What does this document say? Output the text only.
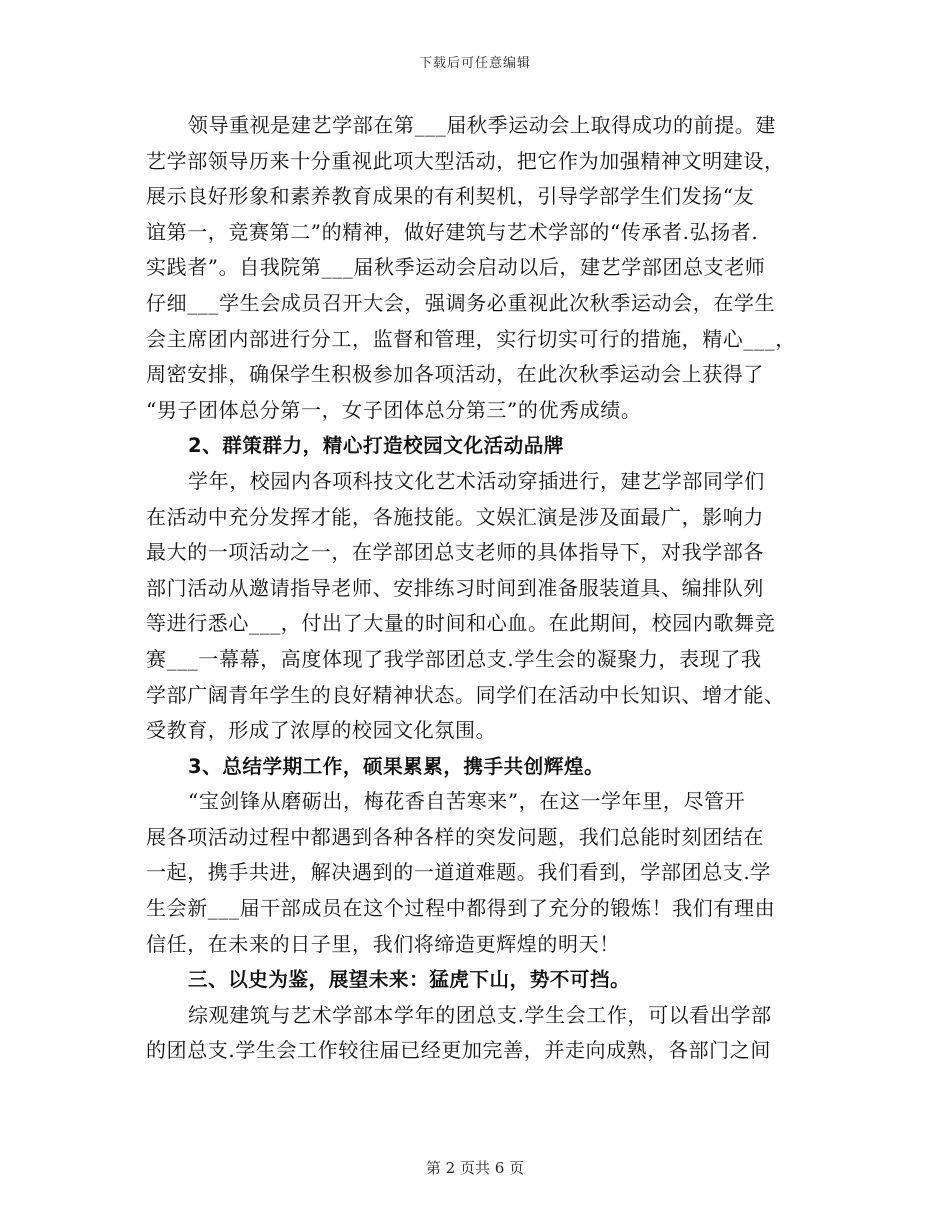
下载后可任意编辑
领导重视是建艺学部在第___届秋季运动会上取得成功的前提。建
艺学部领导历来十分重视此项大型活动，把它作为加强精神文明建设，
展示良好形象和素养教育成果的有利契机，引导学部学生们发扬“友
谊第一，竞赛第二”的精神，做好建筑与艺术学部的“传承者.弘扬者.
实践者”。自我院第___届秋季运动会启动以后，建艺学部团总支老师
仔细___学生会成员召开大会，强调务必重视此次秋季运动会，在学生
会主席团内部进行分工，监督和管理，实行切实可行的措施，精心___，
周密安排，确保学生积极参加各项活动，在此次秋季运动会上获得了
“男子团体总分第一，女子团体总分第三”的优秀成绩。
2、群策群力，精心打造校园文化活动品牌
学年，校园内各项科技文化艺术活动穿插进行，建艺学部同学们
在活动中充分发挥才能，各施技能。文娱汇演是涉及面最广，影响力
最大的一项活动之一，在学部团总支老师的具体指导下，对我学部各
部门活动从邀请指导老师、安排练习时间到准备服装道具、编排队列
等进行悉心___，付出了大量的时间和心血。在此期间，校园内歌舞竞
赛___一幕幕，高度体现了我学部团总支.学生会的凝聚力，表现了我
学部广阔青年学生的良好精神状态。同学们在活动中长知识、增才能、
受教育，形成了浓厚的校园文化氛围。
3、总结学期工作，硕果累累，携手共创辉煌。
“宝剑锋从磨砺出，梅花香自苦寒来”，在这一学年里，尽管开
展各项活动过程中都遇到各种各样的突发问题，我们总能时刻团结在
一起，携手共进，解决遇到的一道道难题。我们看到，学部团总支.学
生会新___届干部成员在这个过程中都得到了充分的锻炼！我们有理由
信任，在未来的日子里，我们将缔造更辉煌的明天！
三、以史为鉴，展望未来：猛虎下山，势不可挡。
综观建筑与艺术学部本学年的团总支.学生会工作，可以看出学部
的团总支.学生会工作较往届已经更加完善，并走向成熟，各部门之间
第 2 页共 6 页
